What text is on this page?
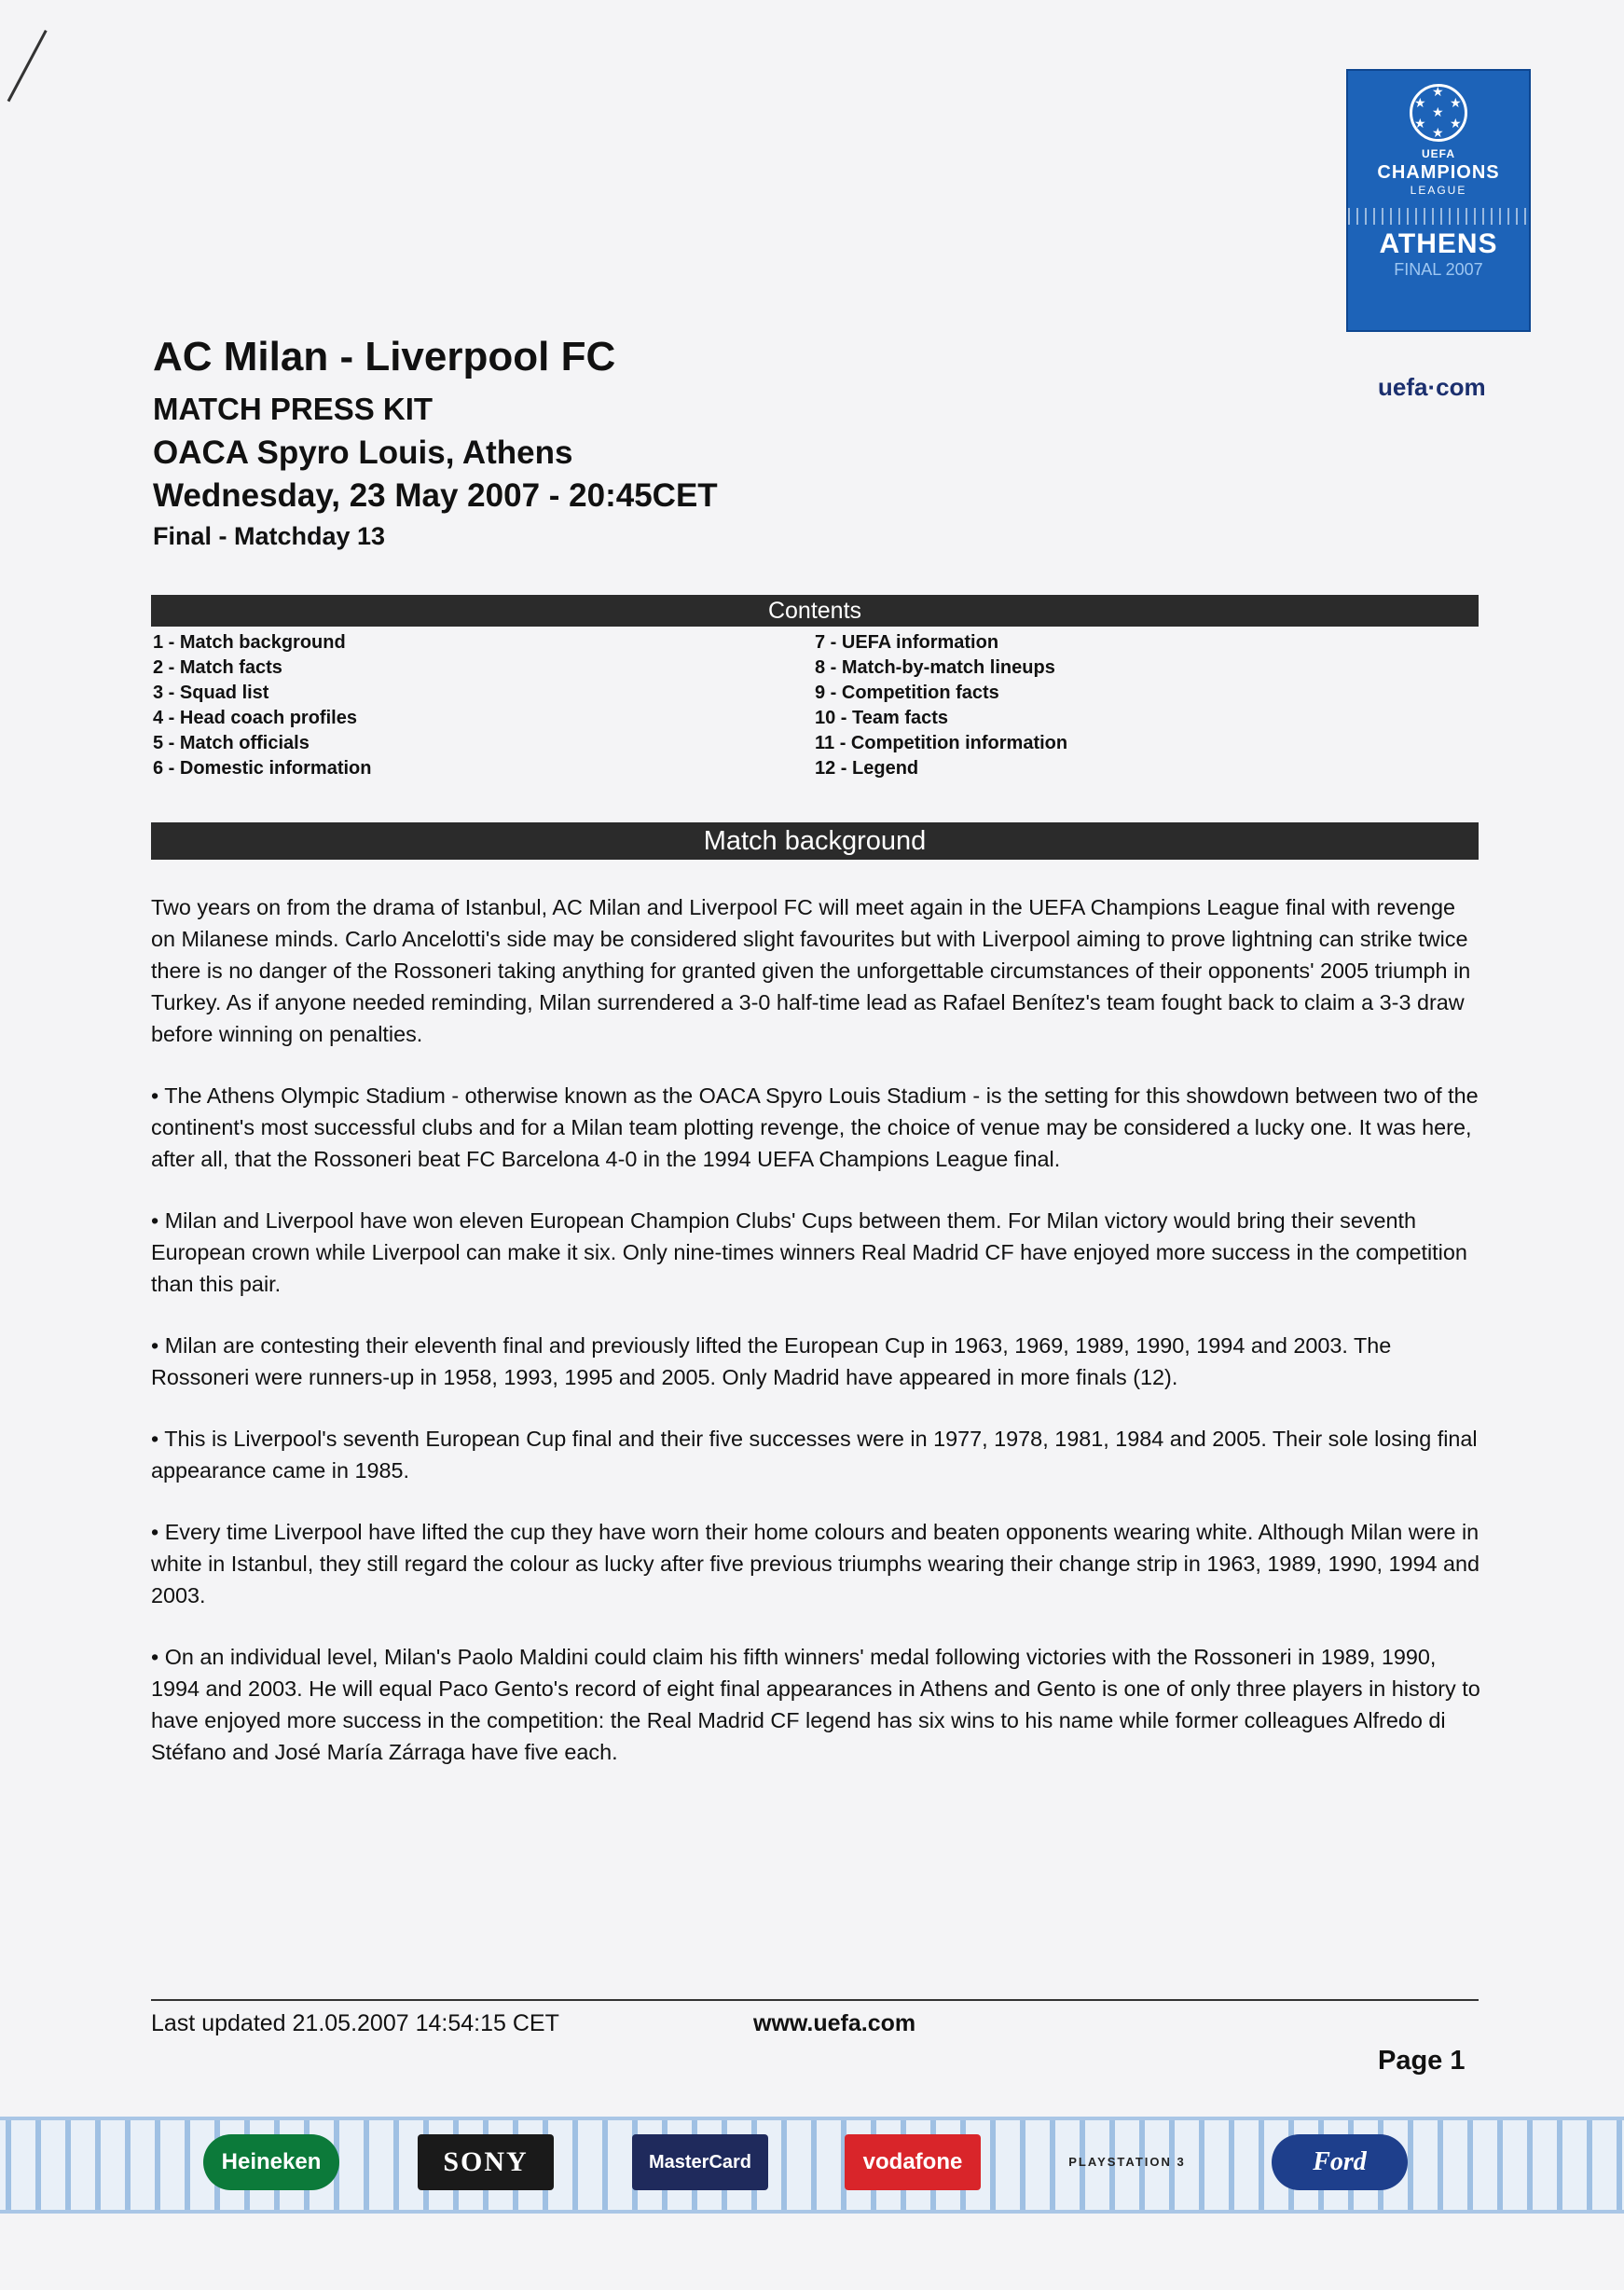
★
★
★
★
★
★
★
UEFA
CHAMPIONS
LEAGUE
ATHENS
FINAL 2007
uefa·com
AC Milan - Liverpool FC
MATCH PRESS KIT
OACA Spyro Louis, Athens
Wednesday, 23 May 2007 - 20:45CET
Final - Matchday 13
Contents
1 - Match background
2 - Match facts
3 - Squad list
4 - Head coach profiles
5 - Match officials
6 - Domestic information
7 - UEFA information
8 - Match-by-match lineups
9 - Competition facts
10 - Team facts
11 - Competition information
12 - Legend
Match background

Two years on from the drama of Istanbul, AC Milan and Liverpool FC will meet again in the UEFA Champions League final with revenge on Milanese minds. Carlo Ancelotti's side may be considered slight favourites but with Liverpool aiming to prove lightning can strike twice there is no danger of the Rossoneri taking anything for granted given the unforgettable circumstances of their opponents' 2005 triumph in Turkey. As if anyone needed reminding, Milan surrendered a 3-0 half-time lead as Rafael Benítez's team fought back to claim a 3-3 draw before winning on penalties.

• The Athens Olympic Stadium - otherwise known as the OACA Spyro Louis Stadium - is the setting for this showdown between two of the continent's most successful clubs and for a Milan team plotting revenge, the choice of venue may be considered a lucky one. It was here, after all, that the Rossoneri beat FC Barcelona 4-0 in the 1994 UEFA Champions League final.

• Milan and Liverpool have won eleven European Champion Clubs' Cups between them. For Milan victory would bring their seventh European crown while Liverpool can make it six. Only nine-times winners Real Madrid CF have enjoyed more success in the competition than this pair.

• Milan are contesting their eleventh final and previously lifted the European Cup in 1963, 1969, 1989, 1990, 1994 and 2003. The Rossoneri were runners-up in 1958, 1993, 1995 and 2005. Only Madrid have appeared in more finals (12).

• This is Liverpool's seventh European Cup final and their five successes were in 1977, 1978, 1981, 1984 and 2005. Their sole losing final appearance came in 1985.

• Every time Liverpool have lifted the cup they have worn their home colours and beaten opponents wearing white. Although Milan were in white in Istanbul, they still regard the colour as lucky after five previous triumphs wearing their change strip in 1963, 1989, 1990, 1994 and 2003.

• On an individual level, Milan's Paolo Maldini could claim his fifth winners' medal following victories with the Rossoneri in 1989, 1990, 1994 and 2003. He will equal Paco Gento's record of eight final appearances in Athens and Gento is one of only three players in history to have enjoyed more success in the competition: the Real Madrid CF legend has six wins to his name while former colleagues Alfredo di Stéfano and José María Zárraga have five each.

Last updated 21.05.2007 14:54:15 CET	www.uefa.com
Page 1
Heineken	SONY	MasterCard	vodafone	PLAYSTATION 3	Ford
